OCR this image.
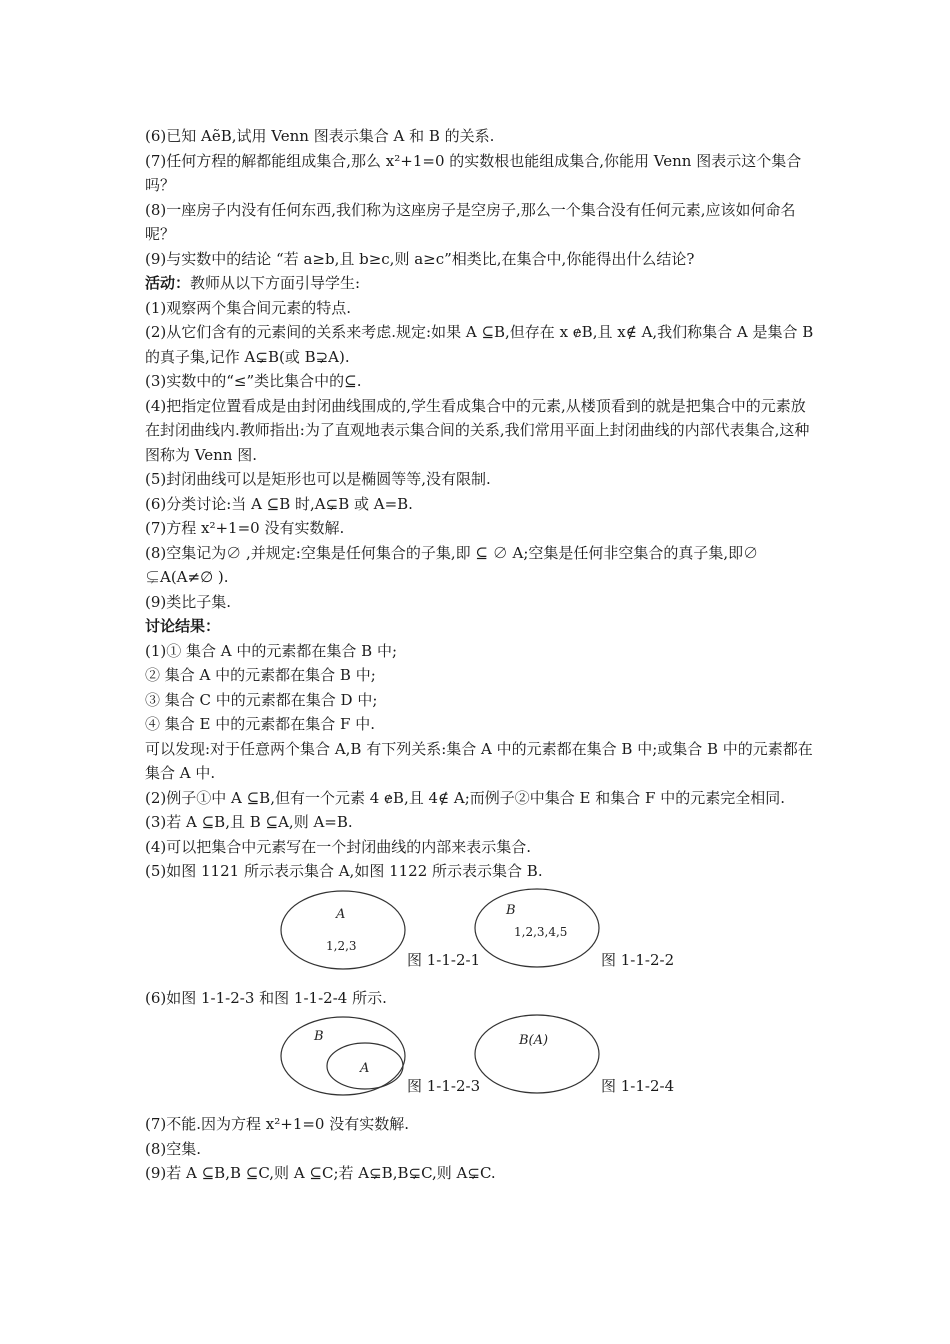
(6)已知 AẽB,试用 Venn 图表示集合 A 和 B 的关系.

(7)任何方程的解都能组成集合,那么 x²+1=0 的实数根也能组成集合,你能用 Venn 图表示这个集合吗？

(8)一座房子内没有任何东西,我们称为这座房子是空房子,那么一个集合没有任何元素,应该如何命名呢？

(9)与实数中的结论 “若 a≥b,且 b≥c,则 a≥c”相类比,在集合中,你能得出什么结论?

活动：教师从以下方面引导学生:

(1)观察两个集合间元素的特点.

(2)从它们含有的元素间的关系来考虑.规定:如果 A ⊆B,但存在 x ɇB,且 x∉ A,我们称集合 A 是集合 B 的真子集,记作 A⊊B(或 B⊋A).

(3)实数中的“≤”类比集合中的⊆.

(4)把指定位置看成是由封闭曲线围成的,学生看成集合中的元素,从楼顶看到的就是把集合中的元素放在封闭曲线内.教师指出:为了直观地表示集合间的关系,我们常用平面上封闭曲线的内部代表集合,这种图称为 Venn 图.

(5)封闭曲线可以是矩形也可以是椭圆等等,没有限制.

(6)分类讨论:当 A ⊆B 时,A⊊B 或 A=B.

(7)方程 x²+1=0 没有实数解.

(8)空集记为∅ ,并规定:空集是任何集合的子集,即 ⊆ ∅ A;空集是任何非空集合的真子集,即∅ ⊊A(A≠∅ ).

(9)类比子集.

讨论结果：

(1)① 集合 A 中的元素都在集合 B 中;

② 集合 A 中的元素都在集合 B 中;

③ 集合 C 中的元素都在集合 D 中;

④ 集合 E 中的元素都在集合 F 中.

可以发现:对于任意两个集合 A,B 有下列关系:集合 A 中的元素都在集合 B 中;或集合 B 中的元素都在集合 A 中.

(2)例子①中 A ⊆B,但有一个元素 4 ɇB,且 4∉ A;而例子②中集合 E 和集合 F 中的元素完全相同.

(3)若 A ⊆B,且 B ⊆A,则 A=B.

(4)可以把集合中元素写在一个封闭曲线的内部来表示集合.

(5)如图 1121 所示表示集合 A,如图 1122 所示表示集合 B.

A
1,2,3
图 1-1-2-1
B
1,2,3,4,5
图 1-1-2-2

(6)如图 1-1-2-3 和图 1-1-2-4 所示.

B
A
图 1-1-2-3
B(A)
图 1-1-2-4

(7)不能.因为方程 x²+1=0 没有实数解.

(8)空集.

(9)若 A ⊆B,B ⊆C,则 A ⊆C;若 A⊊B,B⊊C,则 A⊊C.
